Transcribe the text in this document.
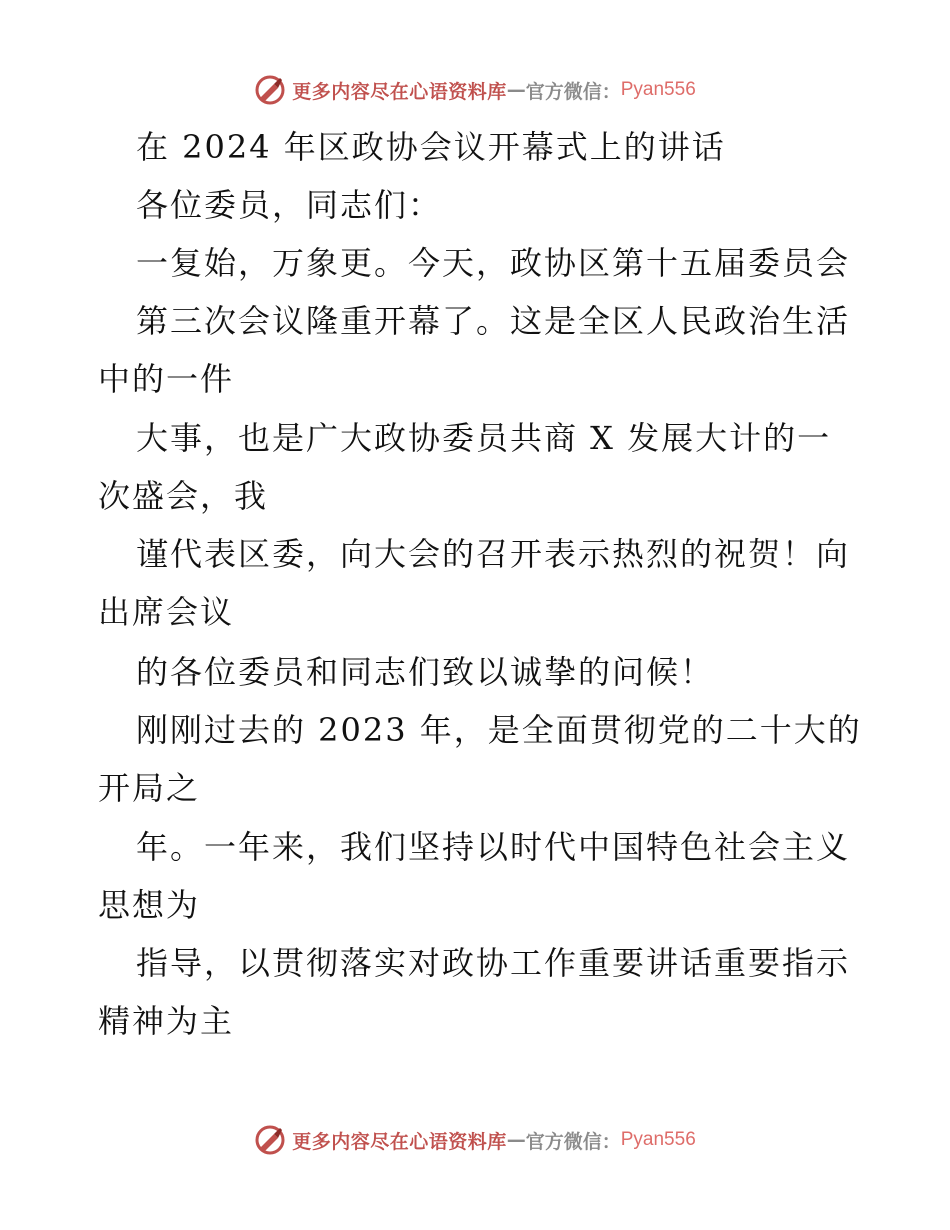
更多内容尽在心语资料库 — 官方微信： Pyan556
在 2024 年区政协会议开幕式上的讲话
各位委员，同志们：
一复始，万象更。今天，政协区第十五届委员会
第三次会议隆重开幕了。这是全区人民政治生活
中的一件
大事，也是广大政协委员共商 X 发展大计的一
次盛会，我
谨代表区委，向大会的召开表示热烈的祝贺！向
出席会议
的各位委员和同志们致以诚挚的问候！
刚刚过去的 2023 年，是全面贯彻党的二十大的
开局之
年。一年来，我们坚持以时代中国特色社会主义
思想为
指导，以贯彻落实对政协工作重要讲话重要指示
精神为主
更多内容尽在心语资料库 — 官方微信： Pyan556
